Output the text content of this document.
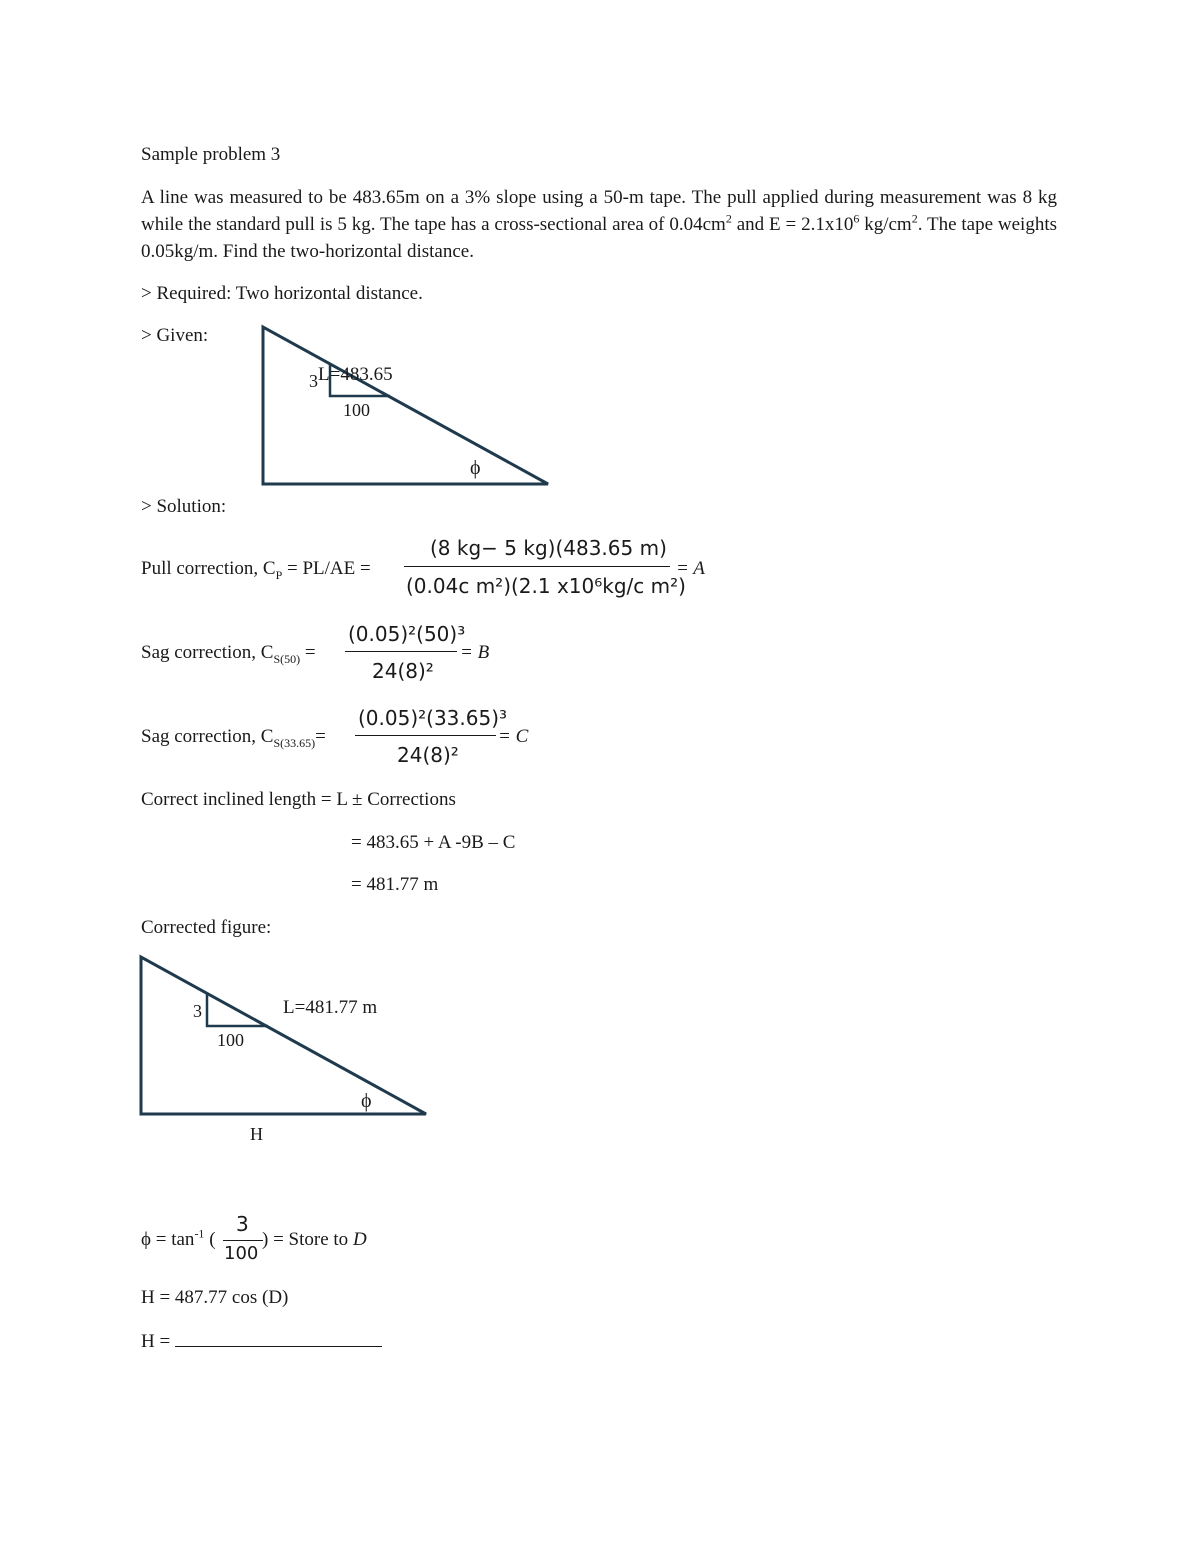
Sample problem 3
A line was measured to be 483.65m on a 3% slope using a 50-m tape. The pull applied during measurement was 8 kg while the standard pull is 5 kg. The tape has a cross-sectional area of $0.04cm^2$ and $E = 2.1x10^6$ $kg/cm^2$. The tape weights 0.05kg/m. Find the two-horizontal distance.
> Required: Two horizontal distance.
> Given:
3
100
L=483.65
ϕ
> Solution:
Pull correction, $C_P = PL/AE$ =
(8 kg− 5 kg)(483.65 m)
(0.04c m²)(2.1 x10⁶kg/c m²)
= A
Sag correction, $C_{S(50)}$ =
(0.05)²(50)³
24(8)²
= B
Sag correction, $C_{S(33.65)}=$
(0.05)²(33.65)³
24(8)²
= C
Correct inclined length = L ± Corrections
= 483.65 + A -9B – C
= 481.77 m
Corrected figure:
3
100
L=481.77 m
ϕ
H
$\phi = \tan^{-1}$ (
3
100
) = Store to D
H = 487.77 cos (D)
H =
